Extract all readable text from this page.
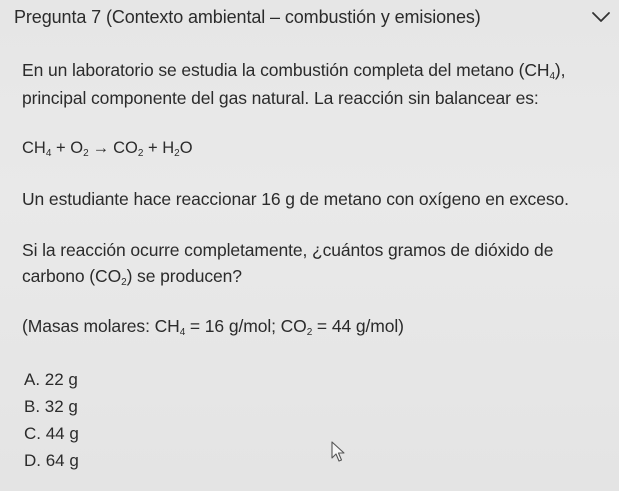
Pregunta 7 (Contexto ambiental – combustión y emisiones)
En un laboratorio se estudia la combustión completa del metano $(CH_4)$,
principal componente del gas natural. La reacción sin balancear es:
$CH_4 + O_2 \to CO_2 + H_2O$
Un estudiante hace reaccionar 16 g de metano con oxígeno en exceso.
Si la reacción ocurre completamente, ¿cuántos gramos de dióxido de
carbono $(CO_2)$ se producen?
(Masas molares: $CH_4 = 16$ g/mol; $CO_2 = 44$ g/mol)
A. 22 g
B. 32 g
C. 44 g
D. 64 g
